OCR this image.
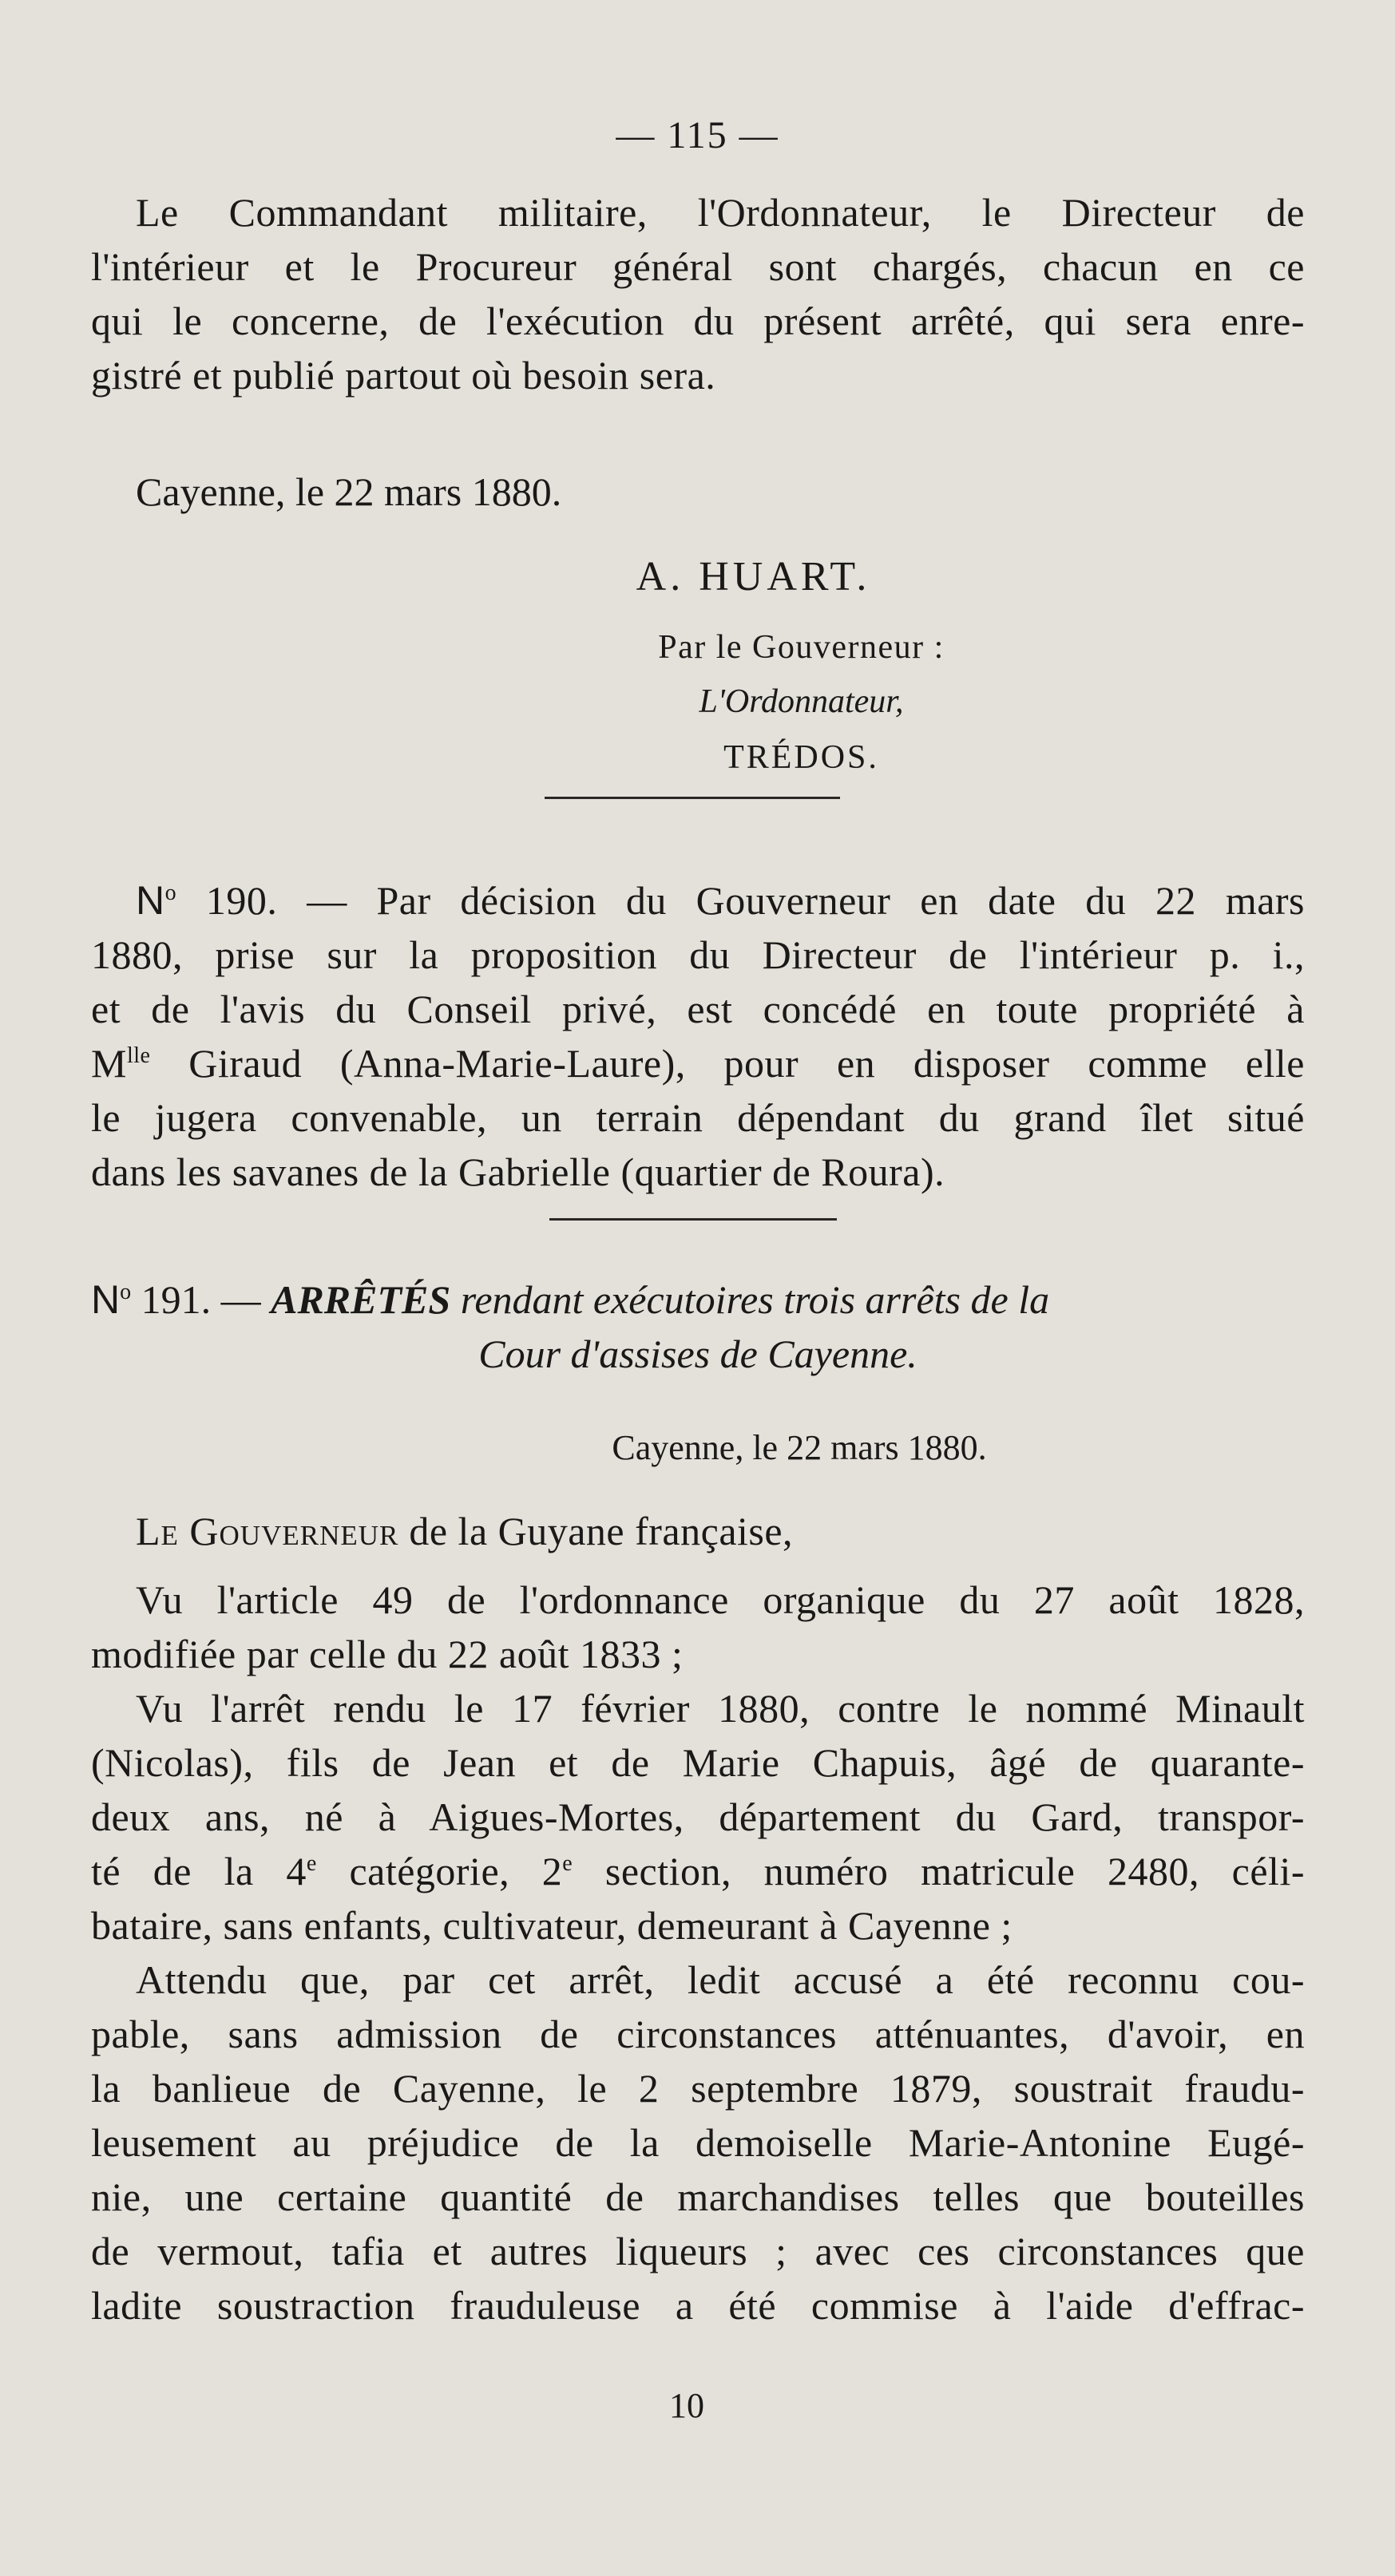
— 115 —
Le Commandant militaire, l'Ordonnateur, le Directeur de
l'intérieur et le Procureur général sont chargés, chacun en ce
qui le concerne, de l'exécution du présent arrêté, qui sera enre-
gistré et publié partout où besoin sera.
Cayenne, le 22 mars 1880.
A. HUART.
Par le Gouverneur :
L'Ordonnateur,
TRÉDOS.
$N^o$ 190. — Par décision du Gouverneur en date du 22 mars
1880, prise sur la proposition du Directeur de l'intérieur p. i.,
et de l'avis du Conseil privé, est concédé en toute propriété à
$M^{lle}$ Giraud (Anna-Marie-Laure), pour en disposer comme elle
le jugera convenable, un terrain dépendant du grand îlet situé
dans les savanes de la Gabrielle (quartier de Roura).
$N^o$ 191. — ARRÊTÉS rendant exécutoires trois arrêts de la
Cour d'assises de Cayenne.
Cayenne, le 22 mars 1880.
Le Gouverneur de la Guyane française,
Vu l'article 49 de l'ordonnance organique du 27 août 1828,
modifiée par celle du 22 août 1833 ;
Vu l'arrêt rendu le 17 février 1880, contre le nommé Minault
(Nicolas), fils de Jean et de Marie Chapuis, âgé de quarante-
deux ans, né à Aigues-Mortes, département du Gard, transpor-
té de la 4e catégorie, 2e section, numéro matricule 2480, céli-
bataire, sans enfants, cultivateur, demeurant à Cayenne ;
Attendu que, par cet arrêt, ledit accusé a été reconnu cou-
pable, sans admission de circonstances atténuantes, d'avoir, en
la banlieue de Cayenne, le 2 septembre 1879, soustrait fraudu-
leusement au préjudice de la demoiselle Marie-Antonine Eugé-
nie, une certaine quantité de marchandises telles que bouteilles
de vermout, tafia et autres liqueurs ; avec ces circonstances que
ladite soustraction frauduleuse a été commise à l'aide d'effrac-
10
